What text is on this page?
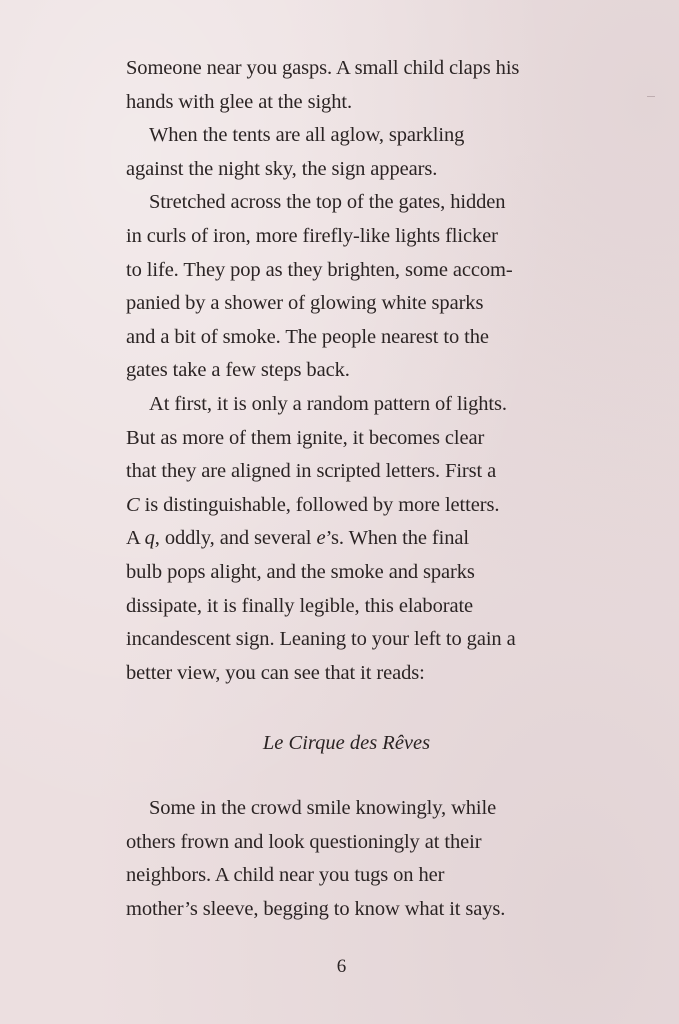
Someone near you gasps. A small child claps his
hands with glee at the sight.
When the tents are all aglow, sparkling
against the night sky, the sign appears.
Stretched across the top of the gates, hidden
in curls of iron, more firefly-like lights flicker
to life. They pop as they brighten, some accom-
panied by a shower of glowing white sparks
and a bit of smoke. The people nearest to the
gates take a few steps back.
At first, it is only a random pattern of lights.
But as more of them ignite, it becomes clear
that they are aligned in scripted letters. First a
C is distinguishable, followed by more letters.
A q, oddly, and several e’s. When the final
bulb pops alight, and the smoke and sparks
dissipate, it is finally legible, this elaborate
incandescent sign. Leaning to your left to gain a
better view, you can see that it reads:
Le Cirque des Rêves
Some in the crowd smile knowingly, while
others frown and look questioningly at their
neighbors. A child near you tugs on her
mother’s sleeve, begging to know what it says.
6
